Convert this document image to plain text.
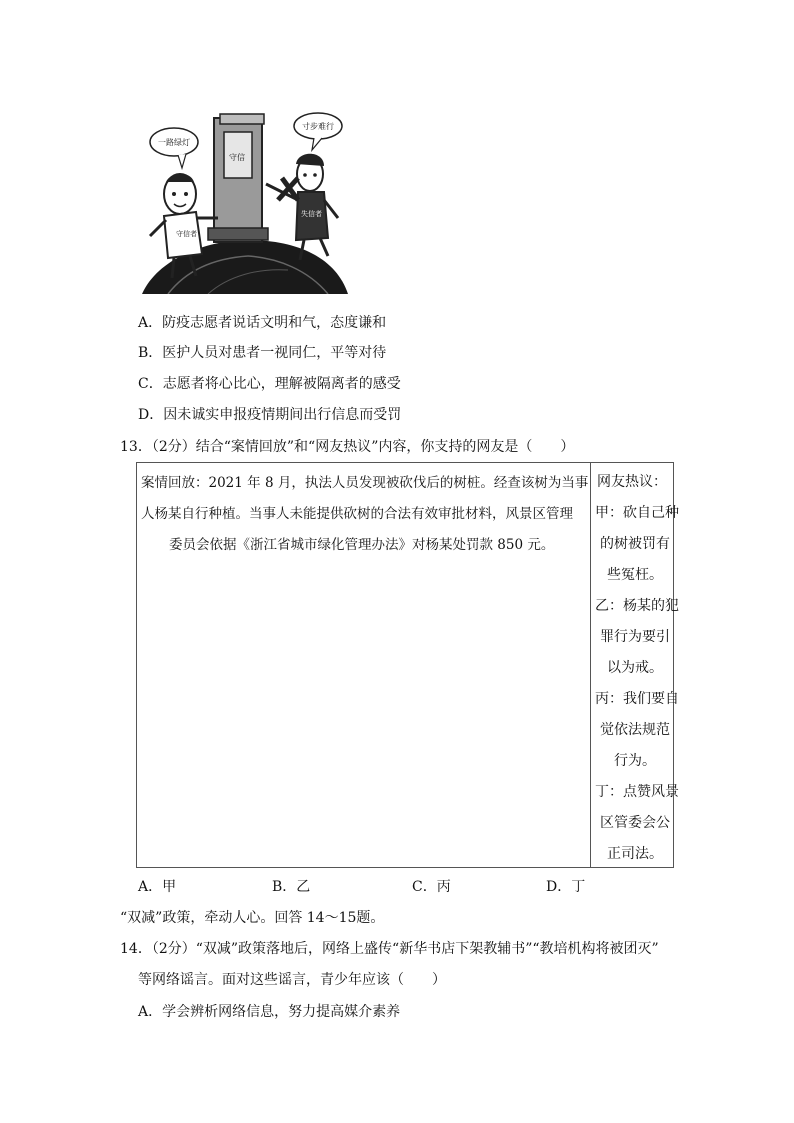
守信
一路绿灯
寸步难行
守信者
失信者
A．防疫志愿者说话文明和气，态度谦和
B．医护人员对患者一视同仁，平等对待
C．志愿者将心比心，理解被隔离者的感受
D．因未诚实申报疫情期间出行信息而受罚
13．（2分）结合“案情回放”和“网友热议”内容，你支持的网友是（　　）
案情回放：2021 年 8 月，执法人员发现被砍伐后的树桩。经查该树为当事
人杨某自行种植。当事人未能提供砍树的合法有效审批材料，风景区管理
委员会依据《浙江省城市绿化管理办法》对杨某处罚款 850 元。
网友热议：
甲：砍自己种
的树被罚有
些冤枉。
乙：杨某的犯
罪行为要引
以为戒。
丙：我们要自
觉依法规范
行为。
丁：点赞风景
区管委会公
正司法。
A．甲	B．乙	C．丙	D．丁
“双减”政策，牵动人心。回答 14～15题。
14．（2分）“双减”政策落地后，网络上盛传“新华书店下架教辅书”“教培机构将被团灭”
等网络谣言。面对这些谣言，青少年应该（　　）
A．学会辨析网络信息，努力提高媒介素养
